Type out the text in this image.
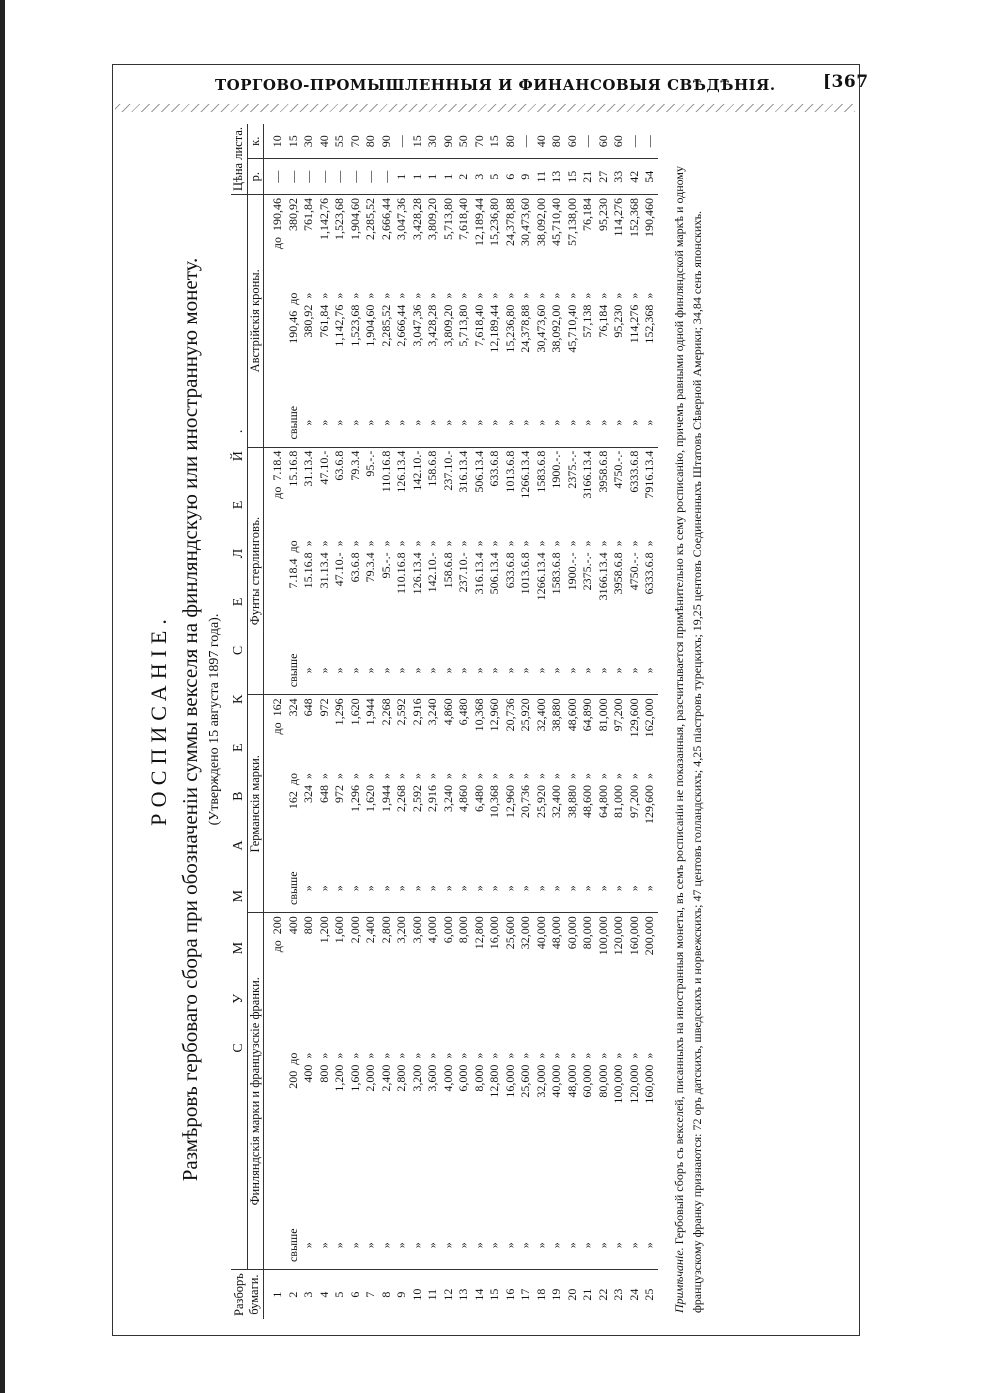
ТОРГОВО-ПРОМЫШЛЕННЫЯ И ФИНАНСОВЫЯ СВѢДѢНІЯ.	[367
РОСПИСАНІЕ. Размѣровъ гербоваго сбора при обозначеніи суммы векселя на финляндскую или иностранную монету. (Утверждено 15 августа 1897 года).
Разборъ бумаги.	С У М М А В Е К С Е Л Е Й.												Цѣна листа.	
	Финляндскія марки и французскіе франки.			Германскія марки.			Фунты стерлинговъ.			Австрійскія кроны.			р.	к.
1			до200			до162			до7.18.4			до190,46	—	10
2	свыше	200до	400	свыше	162до	324	свыше	7.18.4до	15.16.8	свыше	190,46до	380,92	—	15
3	»	400»	800	»	324»	648	»	15.16.8»	31.13.4	»	380,92»	761,84	—	30
4	»	800»	1,200	»	648»	972	»	31.13.4»	47.10.-	»	761,84»	1,142,76	—	40
5	»	1,200»	1,600	»	972»	1,296	»	47.10.-»	63.6.8	»	1,142,76»	1,523,68	—	55
6	»	1,600»	2,000	»	1,296»	1,620	»	63.6.8»	79.3.4	»	1,523,68»	1,904,60	—	70
7	»	2,000»	2,400	»	1,620»	1,944	»	79.3.4»	95.-.-	»	1,904,60»	2,285,52	—	80
8	»	2,400»	2,800	»	1,944»	2,268	»	95.-.-»	110.16.8	»	2,285,52»	2,666,44	—	90
9	»	2,800»	3,200	»	2,268»	2,592	»	110.16.8»	126.13.4	»	2,666,44»	3,047,36	1	—
10	»	3,200»	3,600	»	2,592»	2,916	»	126.13.4»	142.10.-	»	3,047,36»	3,428,28	1	15
11	»	3,600»	4,000	»	2,916»	3,240	»	142.10.-»	158.6.8	»	3,428,28»	3,809,20	1	30
12	»	4,000»	6,000	»	3,240»	4,860	»	158.6.8»	237.10.-	»	3,809,20»	5,713,80	1	90
13	»	6,000»	8,000	»	4,860»	6,480	»	237.10.-»	316.13.4	»	5,713,80»	7,618,40	2	50
14	»	8,000»	12,800	»	6,480»	10,368	»	316.13.4»	506.13.4	»	7,618,40»	12,189,44	3	70
15	»	12,800»	16,000	»	10,368»	12,960	»	506.13.4»	633.6.8	»	12,189,44»	15,236,80	5	15
16	»	16,000»	25,600	»	12,960»	20,736	»	633.6.8»	1013.6.8	»	15,236,80»	24,378,88	6	80
17	»	25,600»	32,000	»	20,736»	25,920	»	1013.6.8»	1266.13.4	»	24,378,88»	30,473,60	9	—
18	»	32,000»	40,000	»	25,920»	32,400	»	1266.13.4»	1583.6.8	»	30,473,60»	38,092,00	11	40
19	»	40,000»	48,000	»	32,400»	38,880	»	1583.6.8»	1900.-.-	»	38,092,00»	45,710,40	13	80
20	»	48,000»	60,000	»	38,880»	48,600	»	1900.-.-»	2375.-.-	»	45,710,40»	57,138,00	15	60
21	»	60,000»	80,000	»	48,600»	64,890	»	2375.-.-»	3166.13.4	»	57,138»	76,184	21	—
22	»	80,000»	100,000	»	64,800»	81,000	»	3166.13.4»	3958.6.8	»	76,184»	95,230	27	60
23	»	100,000»	120,000	»	81,000»	97,200	»	3958.6.8»	4750.-.-	»	95,230»	114,276	33	60
24	»	120,000»	160,000	»	97,200»	129,600	»	4750.-.-»	6333.6.8	»	114,276»	152,368	42	—
25	»	160,000»	200,000	»	129,600»	162,000	»	6333.6.8»	7916.13.4	»	152,368»	190,460	54	—
Примѣчаніе. Гербовый сборъ съ векселей, писанныхъ на иностранныя монеты, въ семъ росписаніи не показанныя, разсчитывается примѣнительно къ сему росписанію, причемъ равными одной финляндской маркѣ и одному французскому франку признаются: 72 оръ датскихъ, шведскихъ и норвежскихъ; 47 центовъ голландскихъ; 4,25 піастровъ турецкихъ; 19,25 центовъ Соединенныхъ Штатовъ Сѣверной Америки; 34,84 сенъ японскихъ.
